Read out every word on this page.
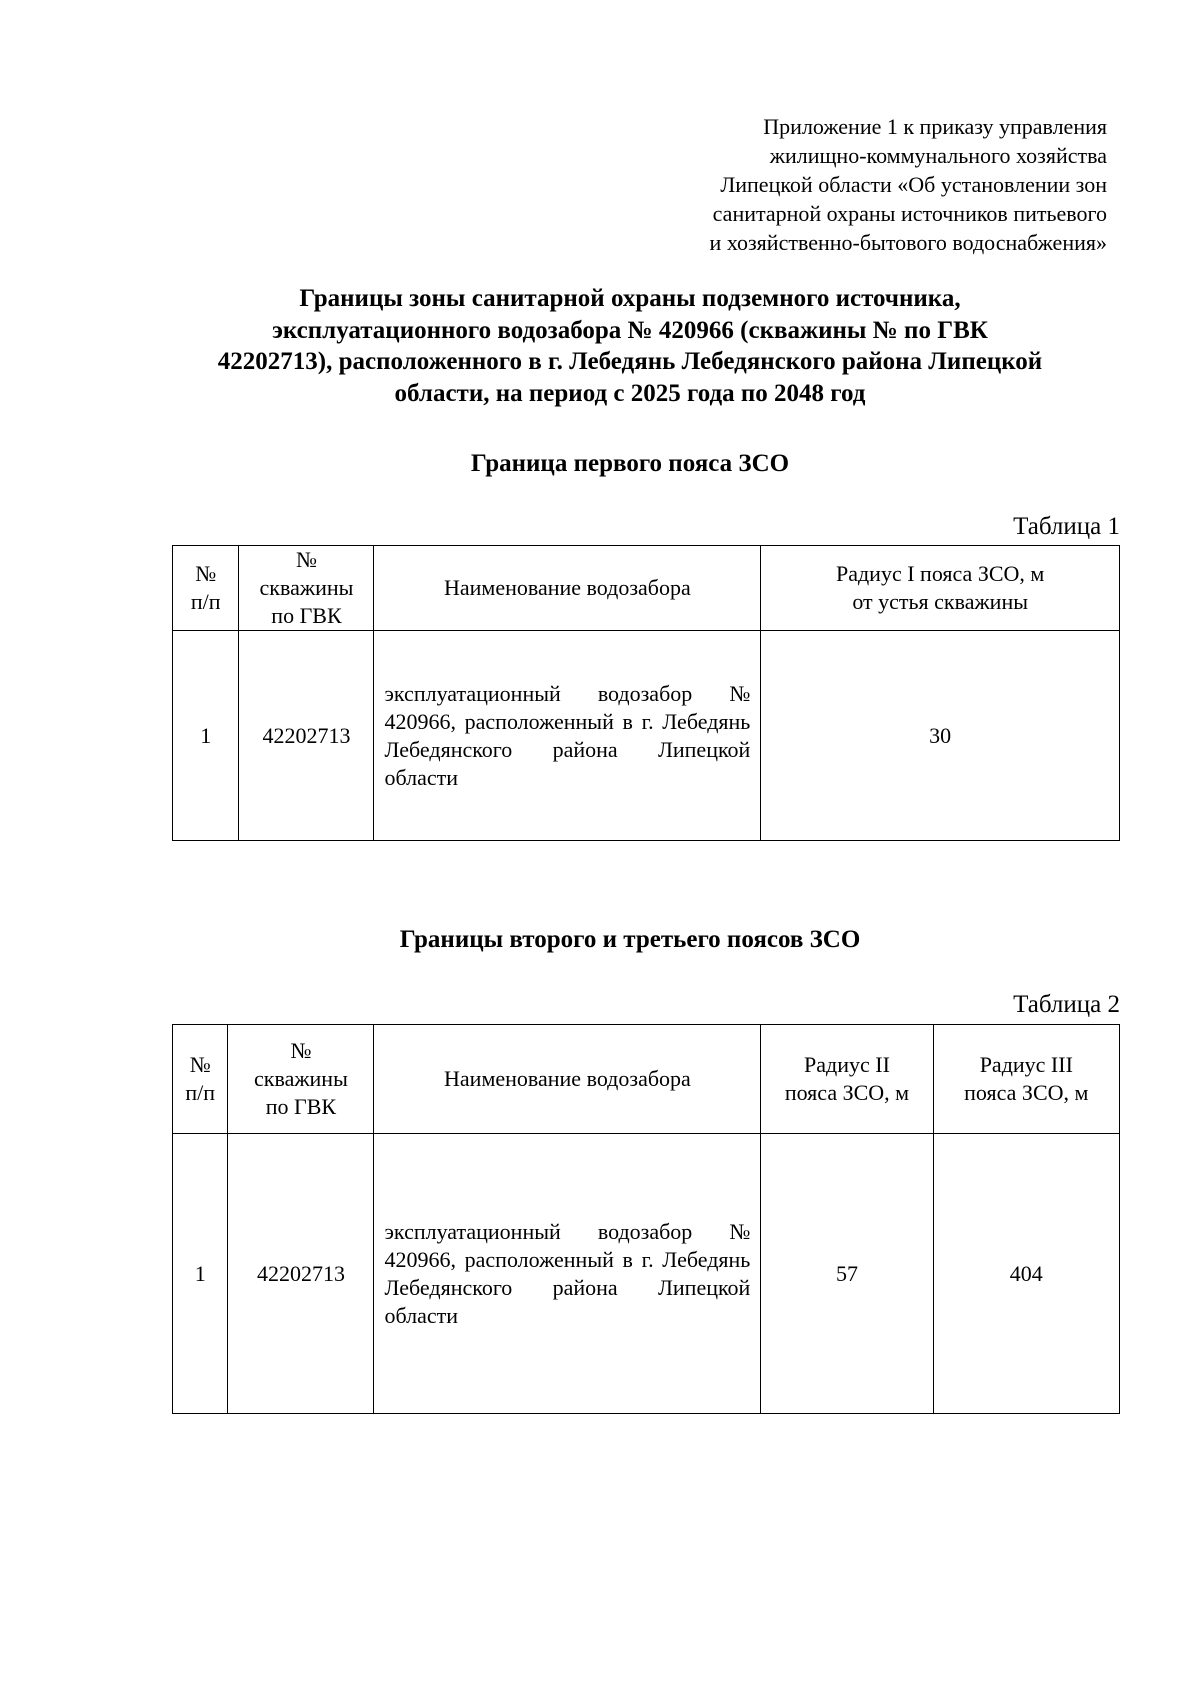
Приложение 1 к приказу управления
жилищно-коммунального хозяйства
Липецкой области «Об установлении зон
санитарной охраны источников питьевого
и хозяйственно-бытового водоснабжения»
Границы зоны санитарной охраны подземного источника,
эксплуатационного водозабора № 420966 (скважины № по ГВК
42202713), расположенного в г. Лебедянь Лебедянского района Липецкой
области, на период с 2025 года по 2048 год
Граница первого пояса ЗСО
Таблица 1
№
п/п	№
скважины
по ГВК	Наименование водозабора	Радиус I пояса ЗСО, м
от устья скважины

1	42202713	эксплуатационный водозабор № 420966, расположенный в г. Лебедянь Лебедянского района Липецкой области	30
Границы второго и третьего поясов ЗСО
Таблица 2
№
п/п	№
скважины
по ГВК	Наименование водозабора	Радиус II
пояса ЗСО, м	Радиус III
пояса ЗСО, м

1	42202713	эксплуатационный водозабор № 420966, расположенный в г. Лебедянь Лебедянского района Липецкой области	57	404
